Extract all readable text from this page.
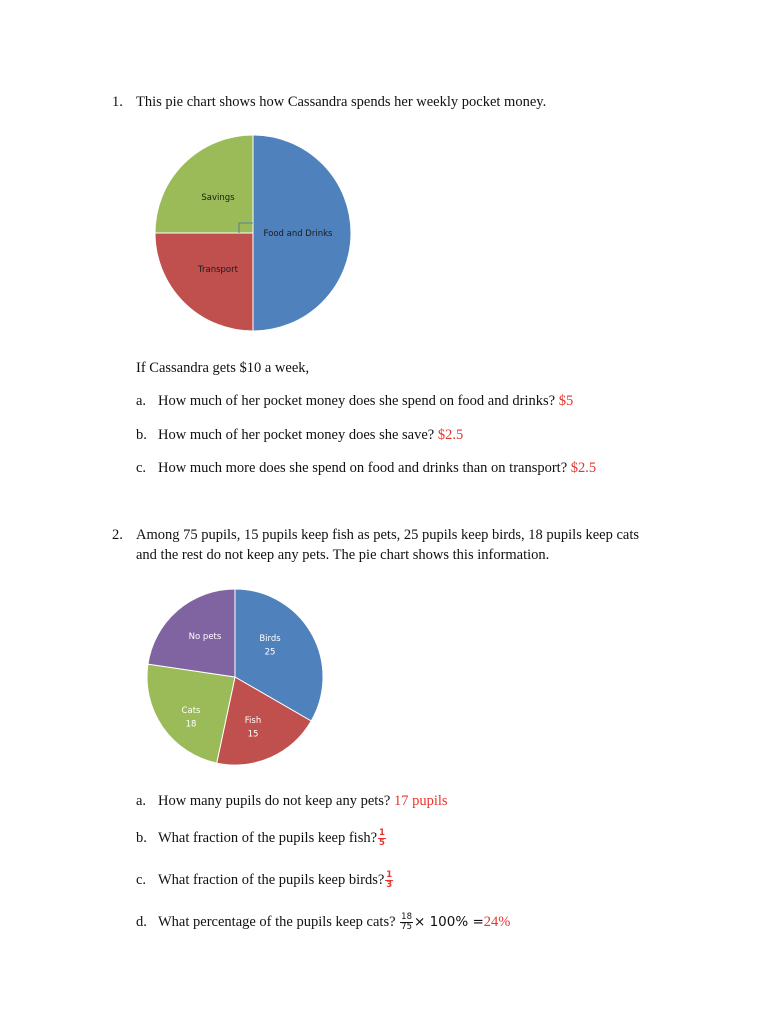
1. This pie chart shows how Cassandra spends her weekly pocket money.
Food and Drinks
Transport
Savings
If Cassandra gets $10 a week,
a. How much of her pocket money does she spend on food and drinks? $5
b. How much of her pocket money does she save? $2.5
c. How much more does she spend on food and drinks than on transport? $2.5
2. Among 75 pupils, 15 pupils keep fish as pets, 25 pupils keep birds, 18 pupils keep cats
and the rest do not keep any pets. The pie chart shows this information.
Birds
25
Fish
15
Cats
18
No pets
a. How many pupils do not keep any pets? 17 pupils
b. What fraction of the pupils keep fish? $\frac{1}{5}$
c. What fraction of the pupils keep birds? $\frac{1}{3}$
d. What percentage of the pupils keep cats? $\frac{18}{75} \times 100\% =24\%$
